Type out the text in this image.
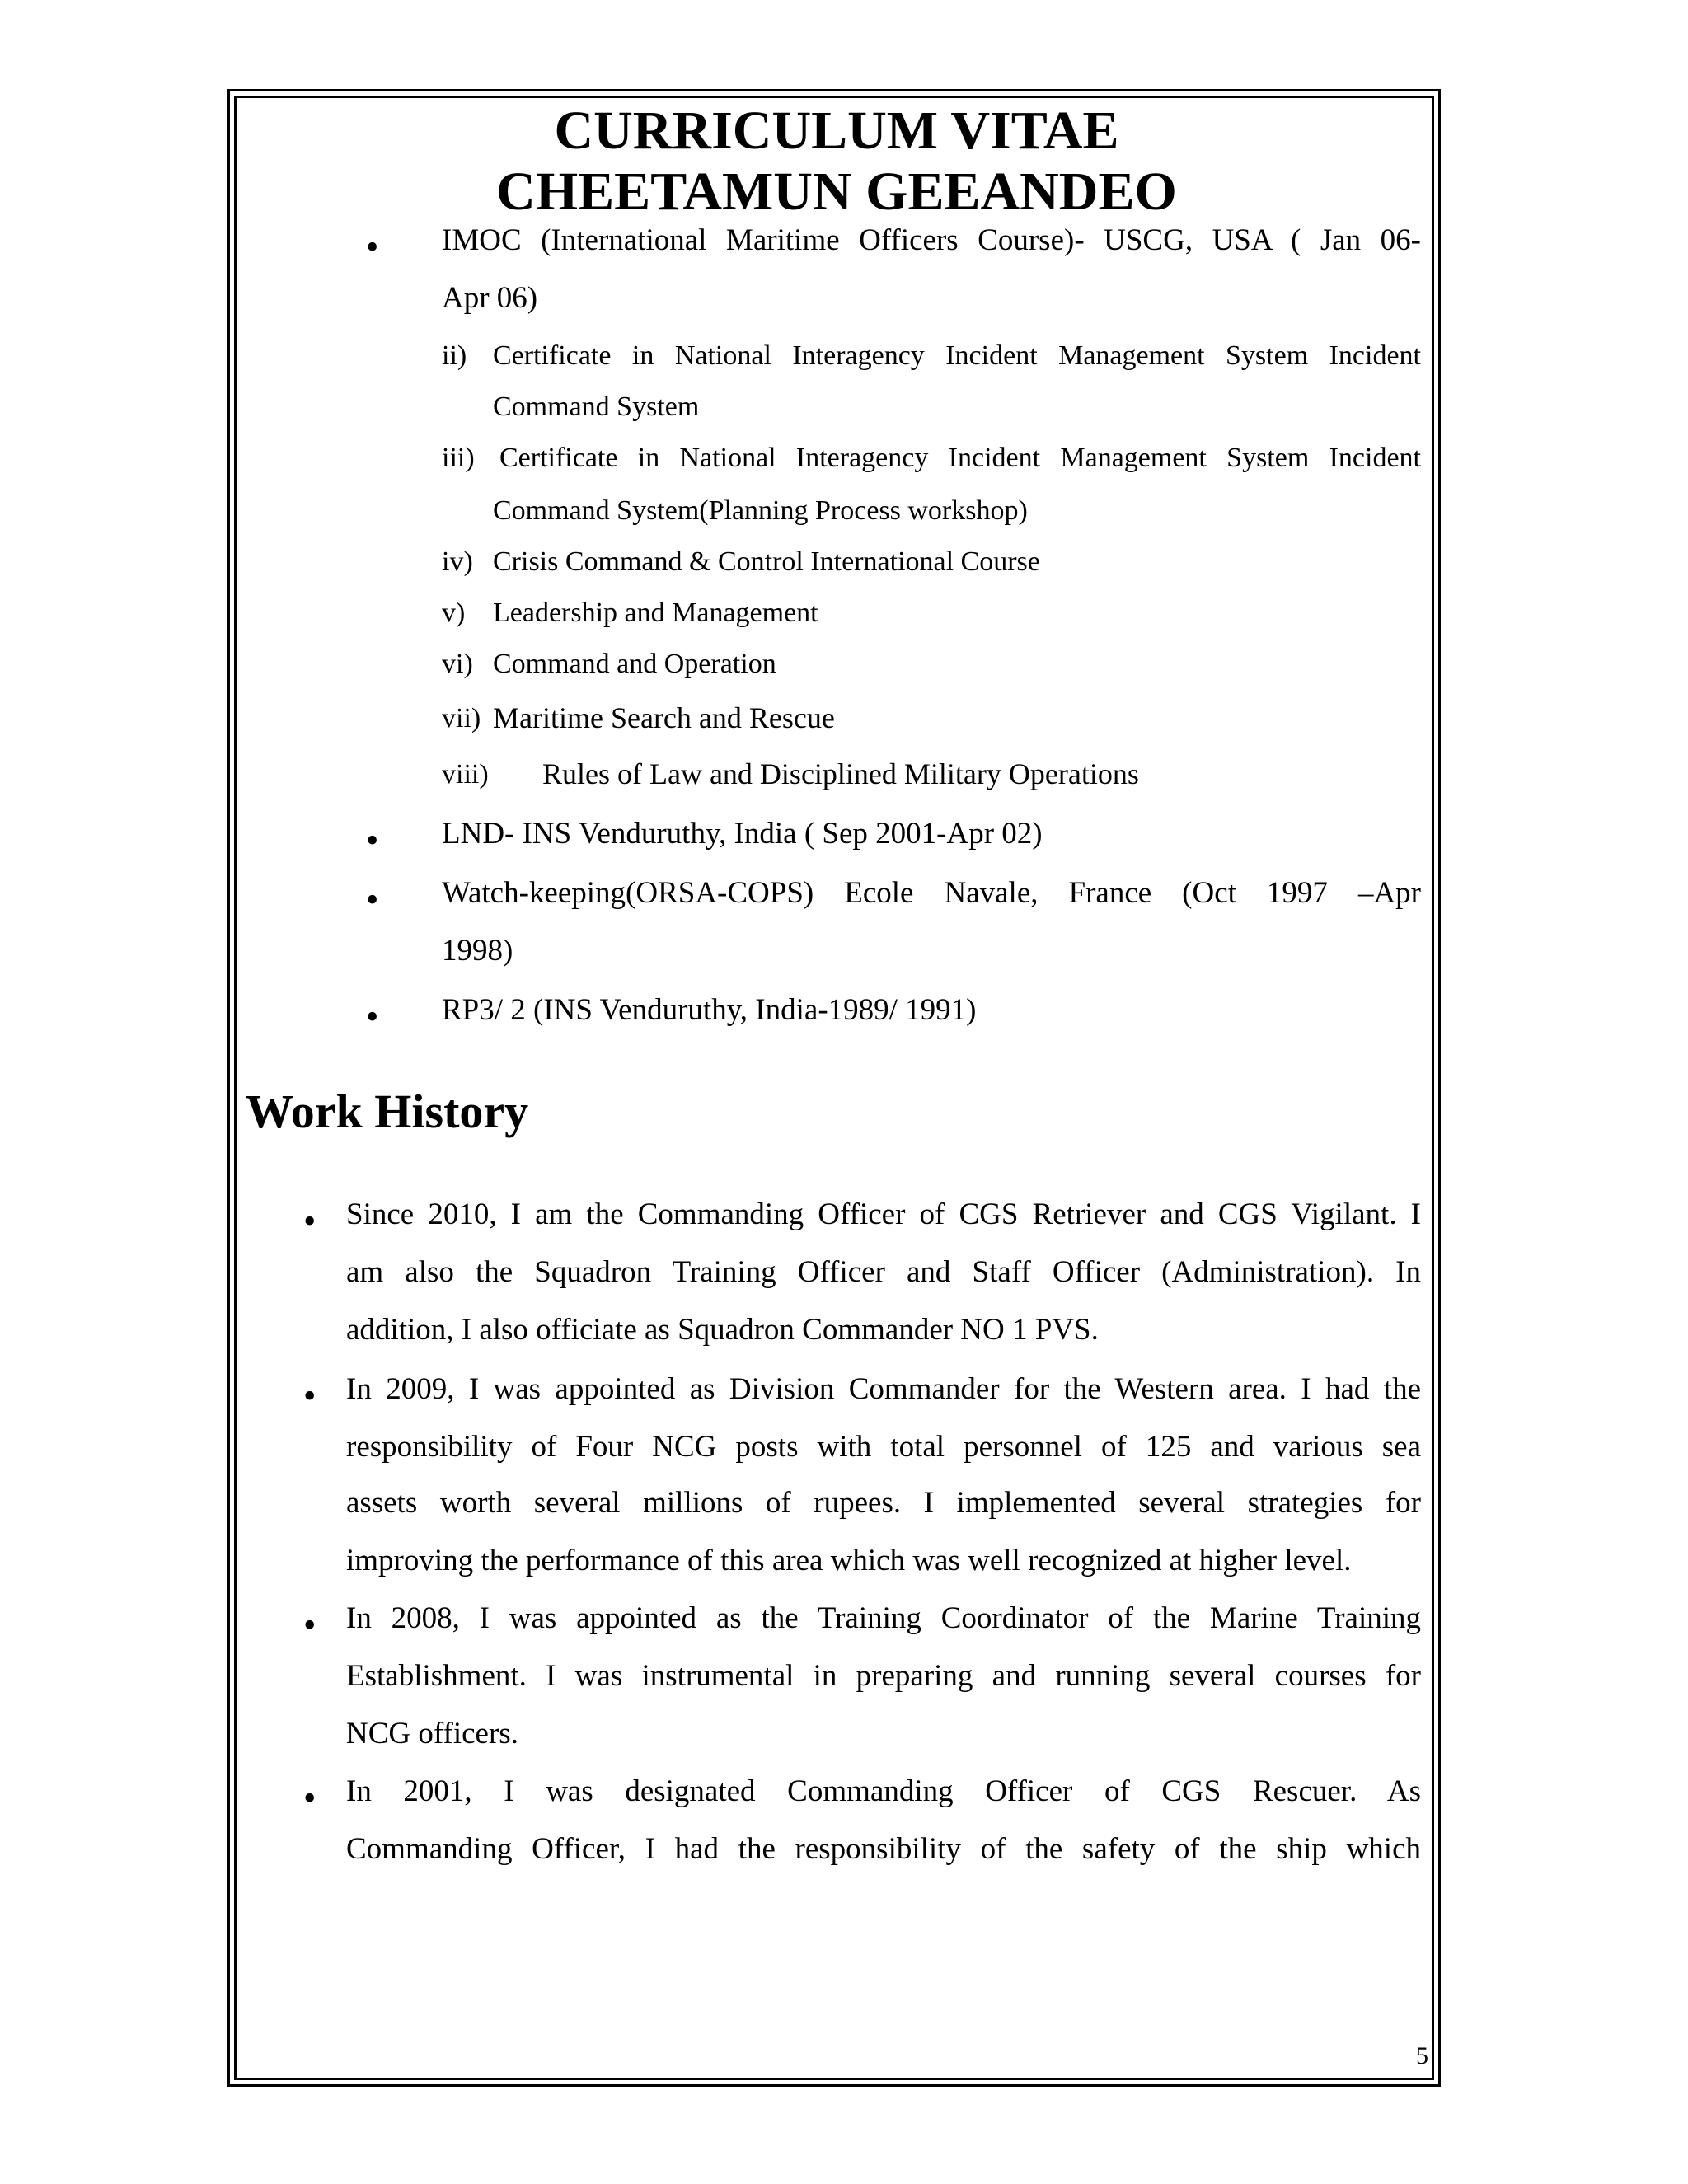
CURRICULUM VITAE
CHEETAMUN GEEANDEO
• IMOC (International Maritime Officers Course)- USCG, USA ( Jan 06-
Apr 06)
ii) Certificate in National Interagency Incident Management System Incident
Command System
iii) Certificate in National Interagency Incident Management System Incident
Command System(Planning Process workshop)
iv) Crisis Command & Control International Course
v) Leadership and Management
vi) Command and Operation
vii) Maritime Search and Rescue
viii) Rules of Law and Disciplined Military Operations
• LND- INS Venduruthy, India ( Sep 2001-Apr 02)
• Watch-keeping(ORSA-COPS) Ecole Navale, France (Oct 1997 –Apr
1998)
• RP3/ 2 (INS Venduruthy, India-1989/ 1991)
Work History
• Since 2010, I am the Commanding Officer of CGS Retriever and CGS Vigilant. I
am also the Squadron Training Officer and Staff Officer (Administration). In
addition, I also officiate as Squadron Commander NO 1 PVS.
• In 2009, I was appointed as Division Commander for the Western area. I had the
responsibility of Four NCG posts with total personnel of 125 and various sea
assets worth several millions of rupees. I implemented several strategies for
improving the performance of this area which was well recognized at higher level.
• In 2008, I was appointed as the Training Coordinator of the Marine Training
Establishment. I was instrumental in preparing and running several courses for
NCG officers.
• In 2001, I was designated Commanding Officer of CGS Rescuer. As
Commanding Officer, I had the responsibility of the safety of the ship which
5
